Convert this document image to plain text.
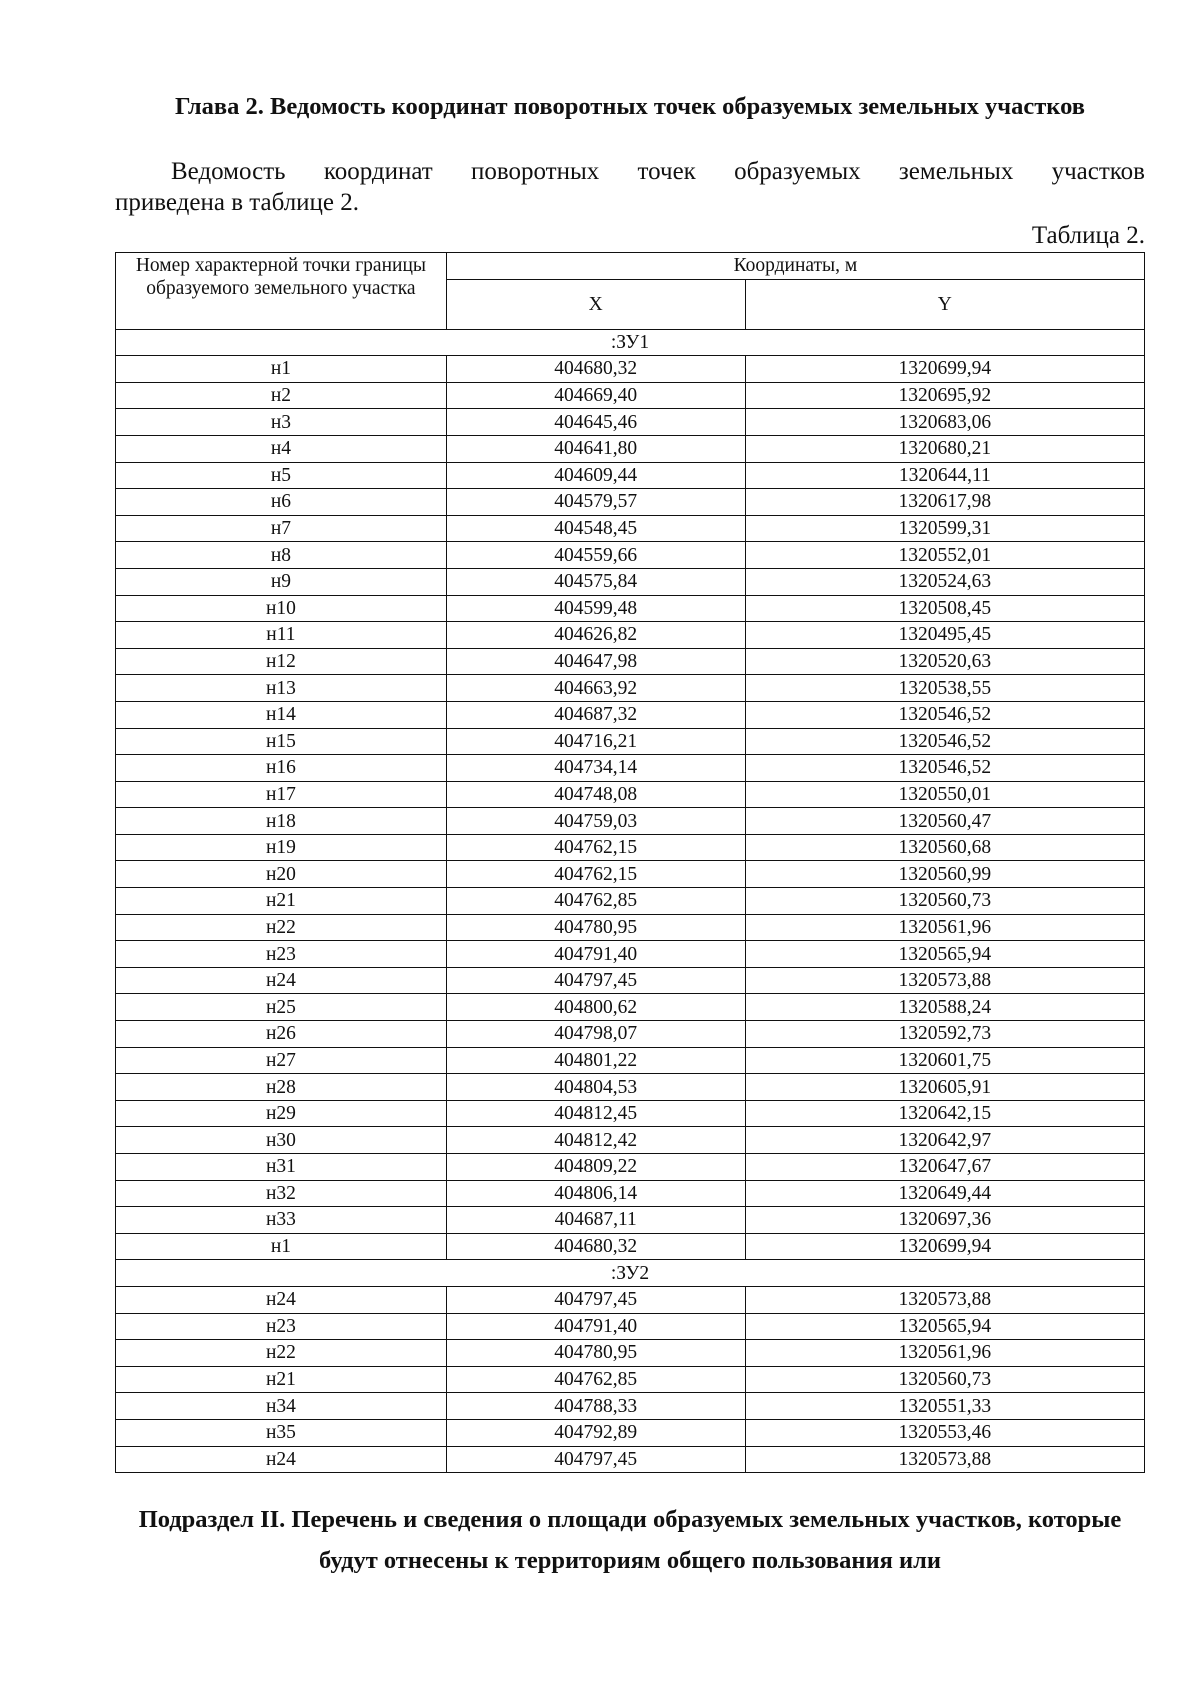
Глава 2. Ведомость координат поворотных точек образуемых земельных участков
Ведомость координат поворотных точек образуемых земельных участков
приведена в таблице 2.
Таблица 2.
Номер характерной точки границы образуемого земельного участка	Координаты, м	
	X	Y
:ЗУ1		
н1	404680,32	1320699,94
н2	404669,40	1320695,92
н3	404645,46	1320683,06
н4	404641,80	1320680,21
н5	404609,44	1320644,11
н6	404579,57	1320617,98
н7	404548,45	1320599,31
н8	404559,66	1320552,01
н9	404575,84	1320524,63
н10	404599,48	1320508,45
н11	404626,82	1320495,45
н12	404647,98	1320520,63
н13	404663,92	1320538,55
н14	404687,32	1320546,52
н15	404716,21	1320546,52
н16	404734,14	1320546,52
н17	404748,08	1320550,01
н18	404759,03	1320560,47
н19	404762,15	1320560,68
н20	404762,15	1320560,99
н21	404762,85	1320560,73
н22	404780,95	1320561,96
н23	404791,40	1320565,94
н24	404797,45	1320573,88
н25	404800,62	1320588,24
н26	404798,07	1320592,73
н27	404801,22	1320601,75
н28	404804,53	1320605,91
н29	404812,45	1320642,15
н30	404812,42	1320642,97
н31	404809,22	1320647,67
н32	404806,14	1320649,44
н33	404687,11	1320697,36
н1	404680,32	1320699,94
:ЗУ2		
н24	404797,45	1320573,88
н23	404791,40	1320565,94
н22	404780,95	1320561,96
н21	404762,85	1320560,73
н34	404788,33	1320551,33
н35	404792,89	1320553,46
н24	404797,45	1320573,88
Подраздел II. Перечень и сведения о площади образуемых земельных участков, которые будут отнесены к территориям общего пользования или
